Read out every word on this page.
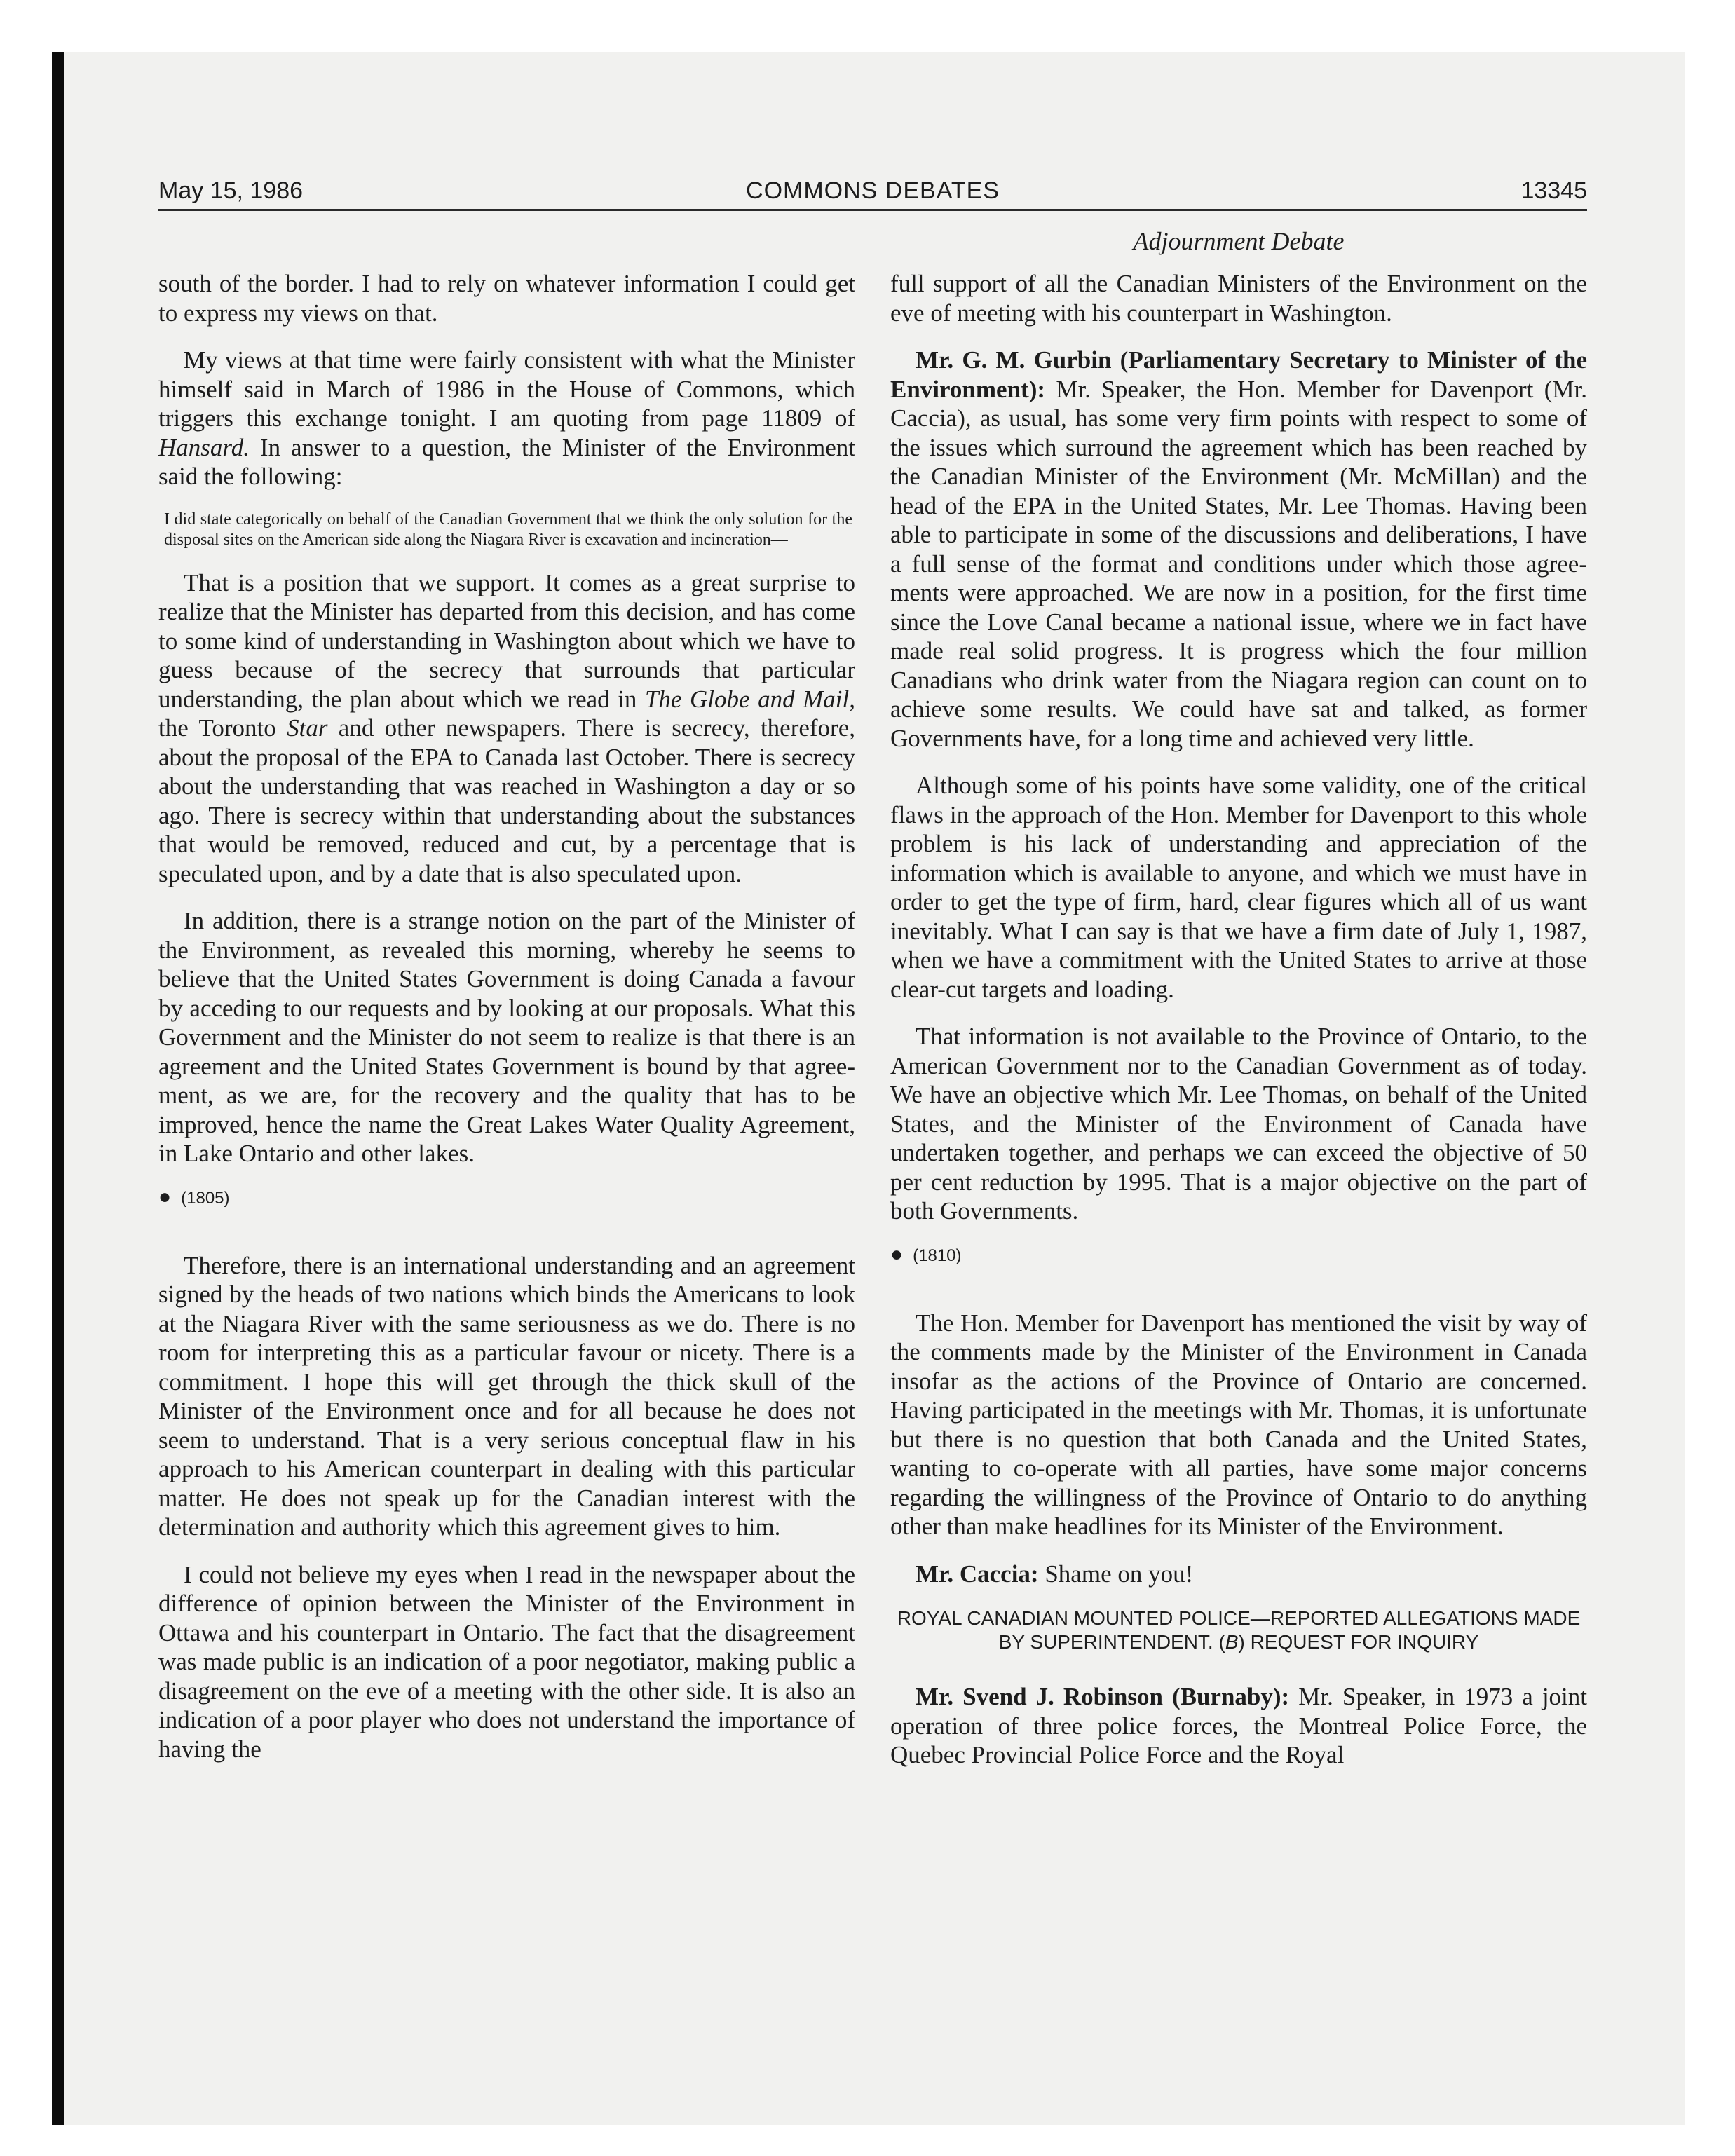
May 15, 1986	COMMONS DEBATES	13345
Adjournment Debate

south of the border. I had to rely on whatever information I could get to express my views on that.

My views at that time were fairly consistent with what the Minister himself said in March of 1986 in the House of Commons, which triggers this exchange tonight. I am quoting from page 11809 of Hansard. In answer to a question, the Minister of the Environment said the following:

I did state categorically on behalf of the Canadian Government that we think the only solution for the disposal sites on the American side along the Niagara River is excavation and incineration—

That is a position that we support. It comes as a great surprise to realize that the Minister has departed from this decision, and has come to some kind of understanding in Washington about which we have to guess because of the secrecy that surrounds that particular understanding, the plan about which we read in The Globe and Mail, the Toronto Star and other newspapers. There is secrecy, therefore, about the proposal of the EPA to Canada last October. There is secrecy about the understanding that was reached in Washington a day or so ago. There is secrecy within that understanding about the substances that would be removed, reduced and cut, by a percentage that is speculated upon, and by a date that is also speculated upon.

In addition, there is a strange notion on the part of the Minister of the Environment, as revealed this morning, whereby he seems to believe that the United States Government is doing Canada a favour by acceding to our requests and by looking at our proposals. What this Government and the Minister do not seem to realize is that there is an agreement and the United States Government is bound by that agreement, as we are, for the recovery and the quality that has to be improved, hence the name the Great Lakes Water Quality Agreement, in Lake Ontario and other lakes.

● (1805)

Therefore, there is an international understanding and an agreement signed by the heads of two nations which binds the Americans to look at the Niagara River with the same seriousness as we do. There is no room for interpreting this as a particular favour or nicety. There is a commitment. I hope this will get through the thick skull of the Minister of the Environment once and for all because he does not seem to understand. That is a very serious conceptual flaw in his approach to his American counterpart in dealing with this particular matter. He does not speak up for the Canadian interest with the determination and authority which this agreement gives to him.

I could not believe my eyes when I read in the newspaper about the difference of opinion between the Minister of the Environment in Ottawa and his counterpart in Ontario. The fact that the disagreement was made public is an indication of a poor negotiator, making public a disagreement on the eve of a meeting with the other side. It is also an indication of a poor player who does not understand the importance of having the

full support of all the Canadian Ministers of the Environment on the eve of meeting with his counterpart in Washington.

Mr. G. M. Gurbin (Parliamentary Secretary to Minister of the Environment): Mr. Speaker, the Hon. Member for Davenport (Mr. Caccia), as usual, has some very firm points with respect to some of the issues which surround the agreement which has been reached by the Canadian Minister of the Environment (Mr. McMillan) and the head of the EPA in the United States, Mr. Lee Thomas. Having been able to participate in some of the discussions and deliberations, I have a full sense of the format and conditions under which those agreements were approached. We are now in a position, for the first time since the Love Canal became a national issue, where we in fact have made real solid progress. It is progress which the four million Canadians who drink water from the Niagara region can count on to achieve some results. We could have sat and talked, as former Governments have, for a long time and achieved very little.

Although some of his points have some validity, one of the critical flaws in the approach of the Hon. Member for Davenport to this whole problem is his lack of understanding and appreciation of the information which is available to anyone, and which we must have in order to get the type of firm, hard, clear figures which all of us want inevitably. What I can say is that we have a firm date of July 1, 1987, when we have a commitment with the United States to arrive at those clear-cut targets and loading.

That information is not available to the Province of Ontario, to the American Government nor to the Canadian Government as of today. We have an objective which Mr. Lee Thomas, on behalf of the United States, and the Minister of the Environment of Canada have undertaken together, and perhaps we can exceed the objective of 50 per cent reduction by 1995. That is a major objective on the part of both Governments.

● (1810)

The Hon. Member for Davenport has mentioned the visit by way of the comments made by the Minister of the Environment in Canada insofar as the actions of the Province of Ontario are concerned. Having participated in the meetings with Mr. Thomas, it is unfortunate but there is no question that both Canada and the United States, wanting to co-operate with all parties, have some major concerns regarding the willingness of the Province of Ontario to do anything other than make headlines for its Minister of the Environment.

Mr. Caccia: Shame on you!

ROYAL CANADIAN MOUNTED POLICE—REPORTED ALLEGATIONS MADE BY SUPERINTENDENT. (B) REQUEST FOR INQUIRY

Mr. Svend J. Robinson (Burnaby): Mr. Speaker, in 1973 a joint operation of three police forces, the Montreal Police Force, the Quebec Provincial Police Force and the Royal
